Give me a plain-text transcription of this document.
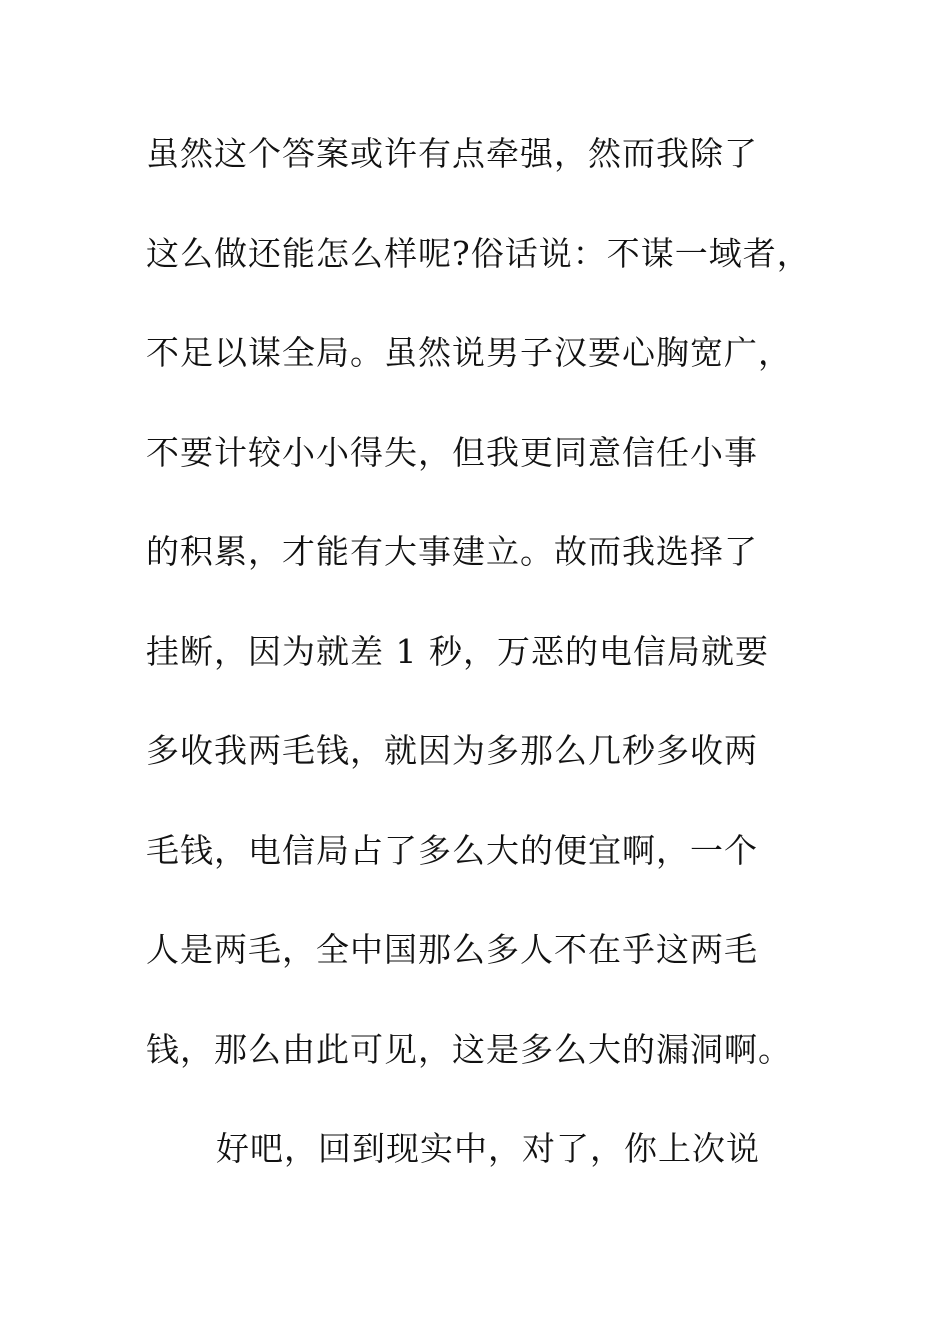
虽然这个答案或许有点牵强，然而我除了
这么做还能怎么样呢?俗话说：不谋一域者，
不足以谋全局。虽然说男子汉要心胸宽广，
不要计较小小得失，但我更同意信任小事
的积累，才能有大事建立。故而我选择了
挂断，因为就差 1 秒，万恶的电信局就要
多收我两毛钱，就因为多那么几秒多收两
毛钱，电信局占了多么大的便宜啊，一个
人是两毛，全中国那么多人不在乎这两毛
钱，那么由此可见，这是多么大的漏洞啊。
好吧，回到现实中，对了，你上次说
